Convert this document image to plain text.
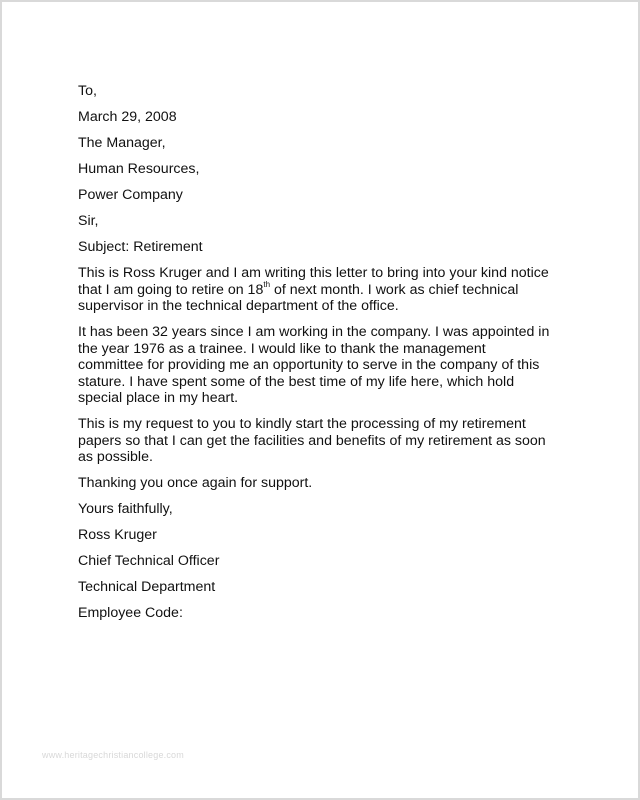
To,
March 29, 2008
The Manager,
Human Resources,
Power Company
Sir,
Subject: Retirement
This is Ross Kruger and I am writing this letter to bring into your kind notice
that I am going to retire on 18th of next month. I work as chief technical
supervisor in the technical department of the office.
It has been 32 years since I am working in the company. I was appointed in
the year 1976 as a trainee. I would like to thank the management
committee for providing me an opportunity to serve in the company of this
stature. I have spent some of the best time of my life here, which hold
special place in my heart.
This is my request to you to kindly start the processing of my retirement
papers so that I can get the facilities and benefits of my retirement as soon
as possible.
Thanking you once again for support.
Yours faithfully,
Ross Kruger
Chief Technical Officer
Technical Department
Employee Code:
www.heritagechristiancollege.com
